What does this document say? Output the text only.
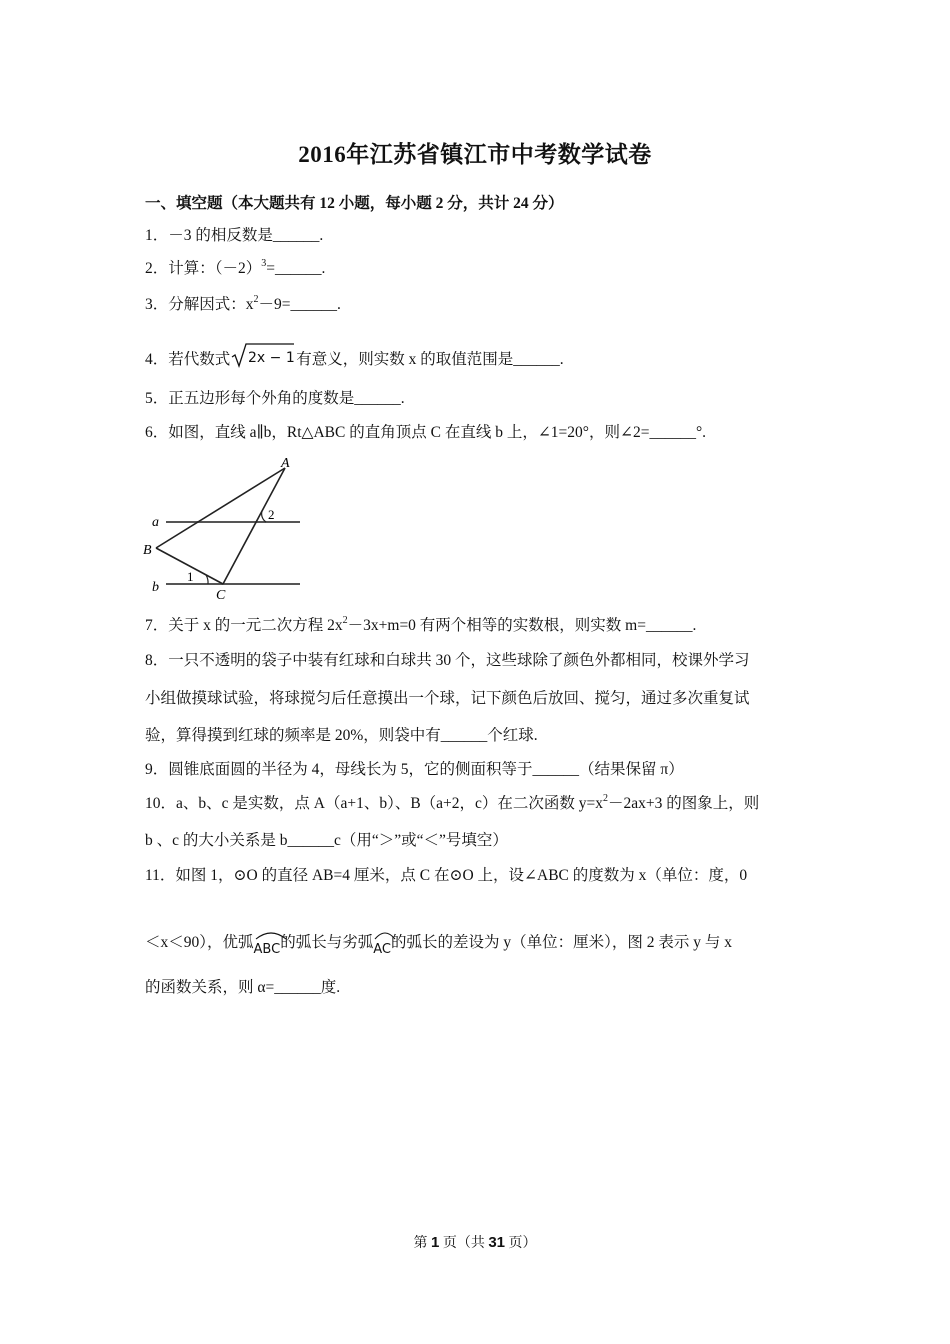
2016年江苏省镇江市中考数学试卷
一、填空题（本大题共有 12 小题，每小题 2 分，共计 24 分）
1．－3 的相反数是______.
2．计算：$(-2)^3=\_\_\_\_\_\_$.
3．分解因式：$x^2-9=\_\_\_\_\_\_$.
4．若代数式 2x − 1 有意义，则实数 x 的取值范围是______.
5．正五边形每个外角的度数是______.
6．如图，直线 a∥b，Rt△ABC 的直角顶点 C 在直线 b 上，∠1=20°，则∠2=______°.
A
B
C
a
b
1
2
7．关于 x 的一元二次方程 $2x^2-3x+m=0$ 有两个相等的实数根，则实数 m=______.
8．一只不透明的袋子中装有红球和白球共 30 个，这些球除了颜色外都相同，校课外学习
小组做摸球试验，将球搅匀后任意摸出一个球，记下颜色后放回、搅匀，通过多次重复试
验，算得摸到红球的频率是 20%，则袋中有______个红球.
9．圆锥底面圆的半径为 4，母线长为 5，它的侧面积等于______（结果保留 π）
10．a、b、c 是实数，点 A（a+1、b）、B（a+2，c）在二次函数 $y=x^2-2ax+3$ 的图象上，则
b 、c 的大小关系是 b______c（用“＞”或“＜”号填空）
11．如图 1，⊙O 的直径 AB=4 厘米，点 C 在⊙O 上，设∠ABC 的度数为 x（单位：度，0
＜x＜90），优弧
ABC的弧长与劣弧
AC的弧长的差设为 y（单位：厘米），图 2 表示 y 与 x
的函数关系，则 α=______度.
第 1 页（共 31 页）
